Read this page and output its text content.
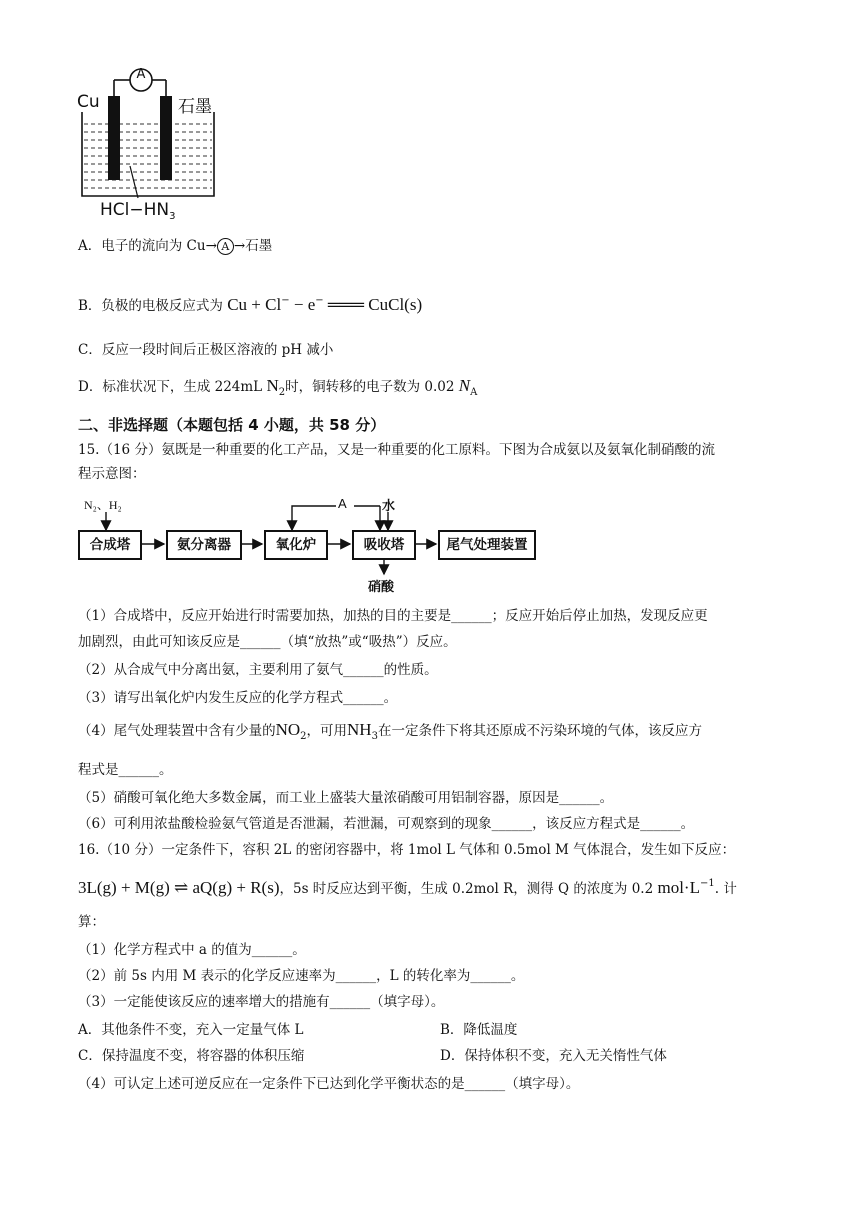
A
Cu	石墨
$HCl-HN_3$
A．电子的流向为 Cu→ A →石墨
B．负极的电极反应式为 Cu + Cl− − e− ═══ CuCl(s)
C．反应一段时间后正极区溶液的 pH 减小
D．标准状况下，生成 224mL $N_2$时，铜转移的电子数为 0.02 $N_A$
二、非选择题（本题包括 4 小题，共 58 分）
15.（16 分）氨既是一种重要的化工产品，又是一种重要的化工原料。下图为合成氨以及氨氧化制硝酸的流
程示意图：
N₂、H₂	A	水
合成塔	氨分离器	氧化炉	吸收塔	尾气处理装置
硝酸
（1）合成塔中，反应开始进行时需要加热，加热的目的主要是______；反应开始后停止加热，发现反应更
加剧烈，由此可知该反应是______（填“放热”或“吸热”）反应。
（2）从合成气中分离出氨，主要利用了氨气______的性质。
（3）请写出氧化炉内发生反应的化学方程式______。
（4）尾气处理装置中含有少量的$NO_2$，可用$NH_3$在一定条件下将其还原成不污染环境的气体，该反应方
程式是______。
（5）硝酸可氧化绝大多数金属，而工业上盛装大量浓硝酸可用铝制容器，原因是______。
（6）可利用浓盐酸检验氨气管道是否泄漏，若泄漏，可观察到的现象______，该反应方程式是______。
16.（10 分）一定条件下，容积 2L 的密闭容器中，将 1mol L 气体和 0.5mol M 气体混合，发生如下反应：
3L(g) + M(g) ⇌ aQ(g) + R(s)，5s 时反应达到平衡，生成 0.2mol R，测得 Q 的浓度为 0.2 $mol\cdot L^{-1}$. 计
算：
（1）化学方程式中 a 的值为______。
（2）前 5s 内用 M 表示的化学反应速率为______，L 的转化率为______。
（3）一定能使该反应的速率增大的措施有______（填字母）。
A．其他条件不变，充入一定量气体 L	B．降低温度
C．保持温度不变，将容器的体积压缩	D．保持体积不变，充入无关惰性气体
（4）可认定上述可逆反应在一定条件下已达到化学平衡状态的是______（填字母）。
